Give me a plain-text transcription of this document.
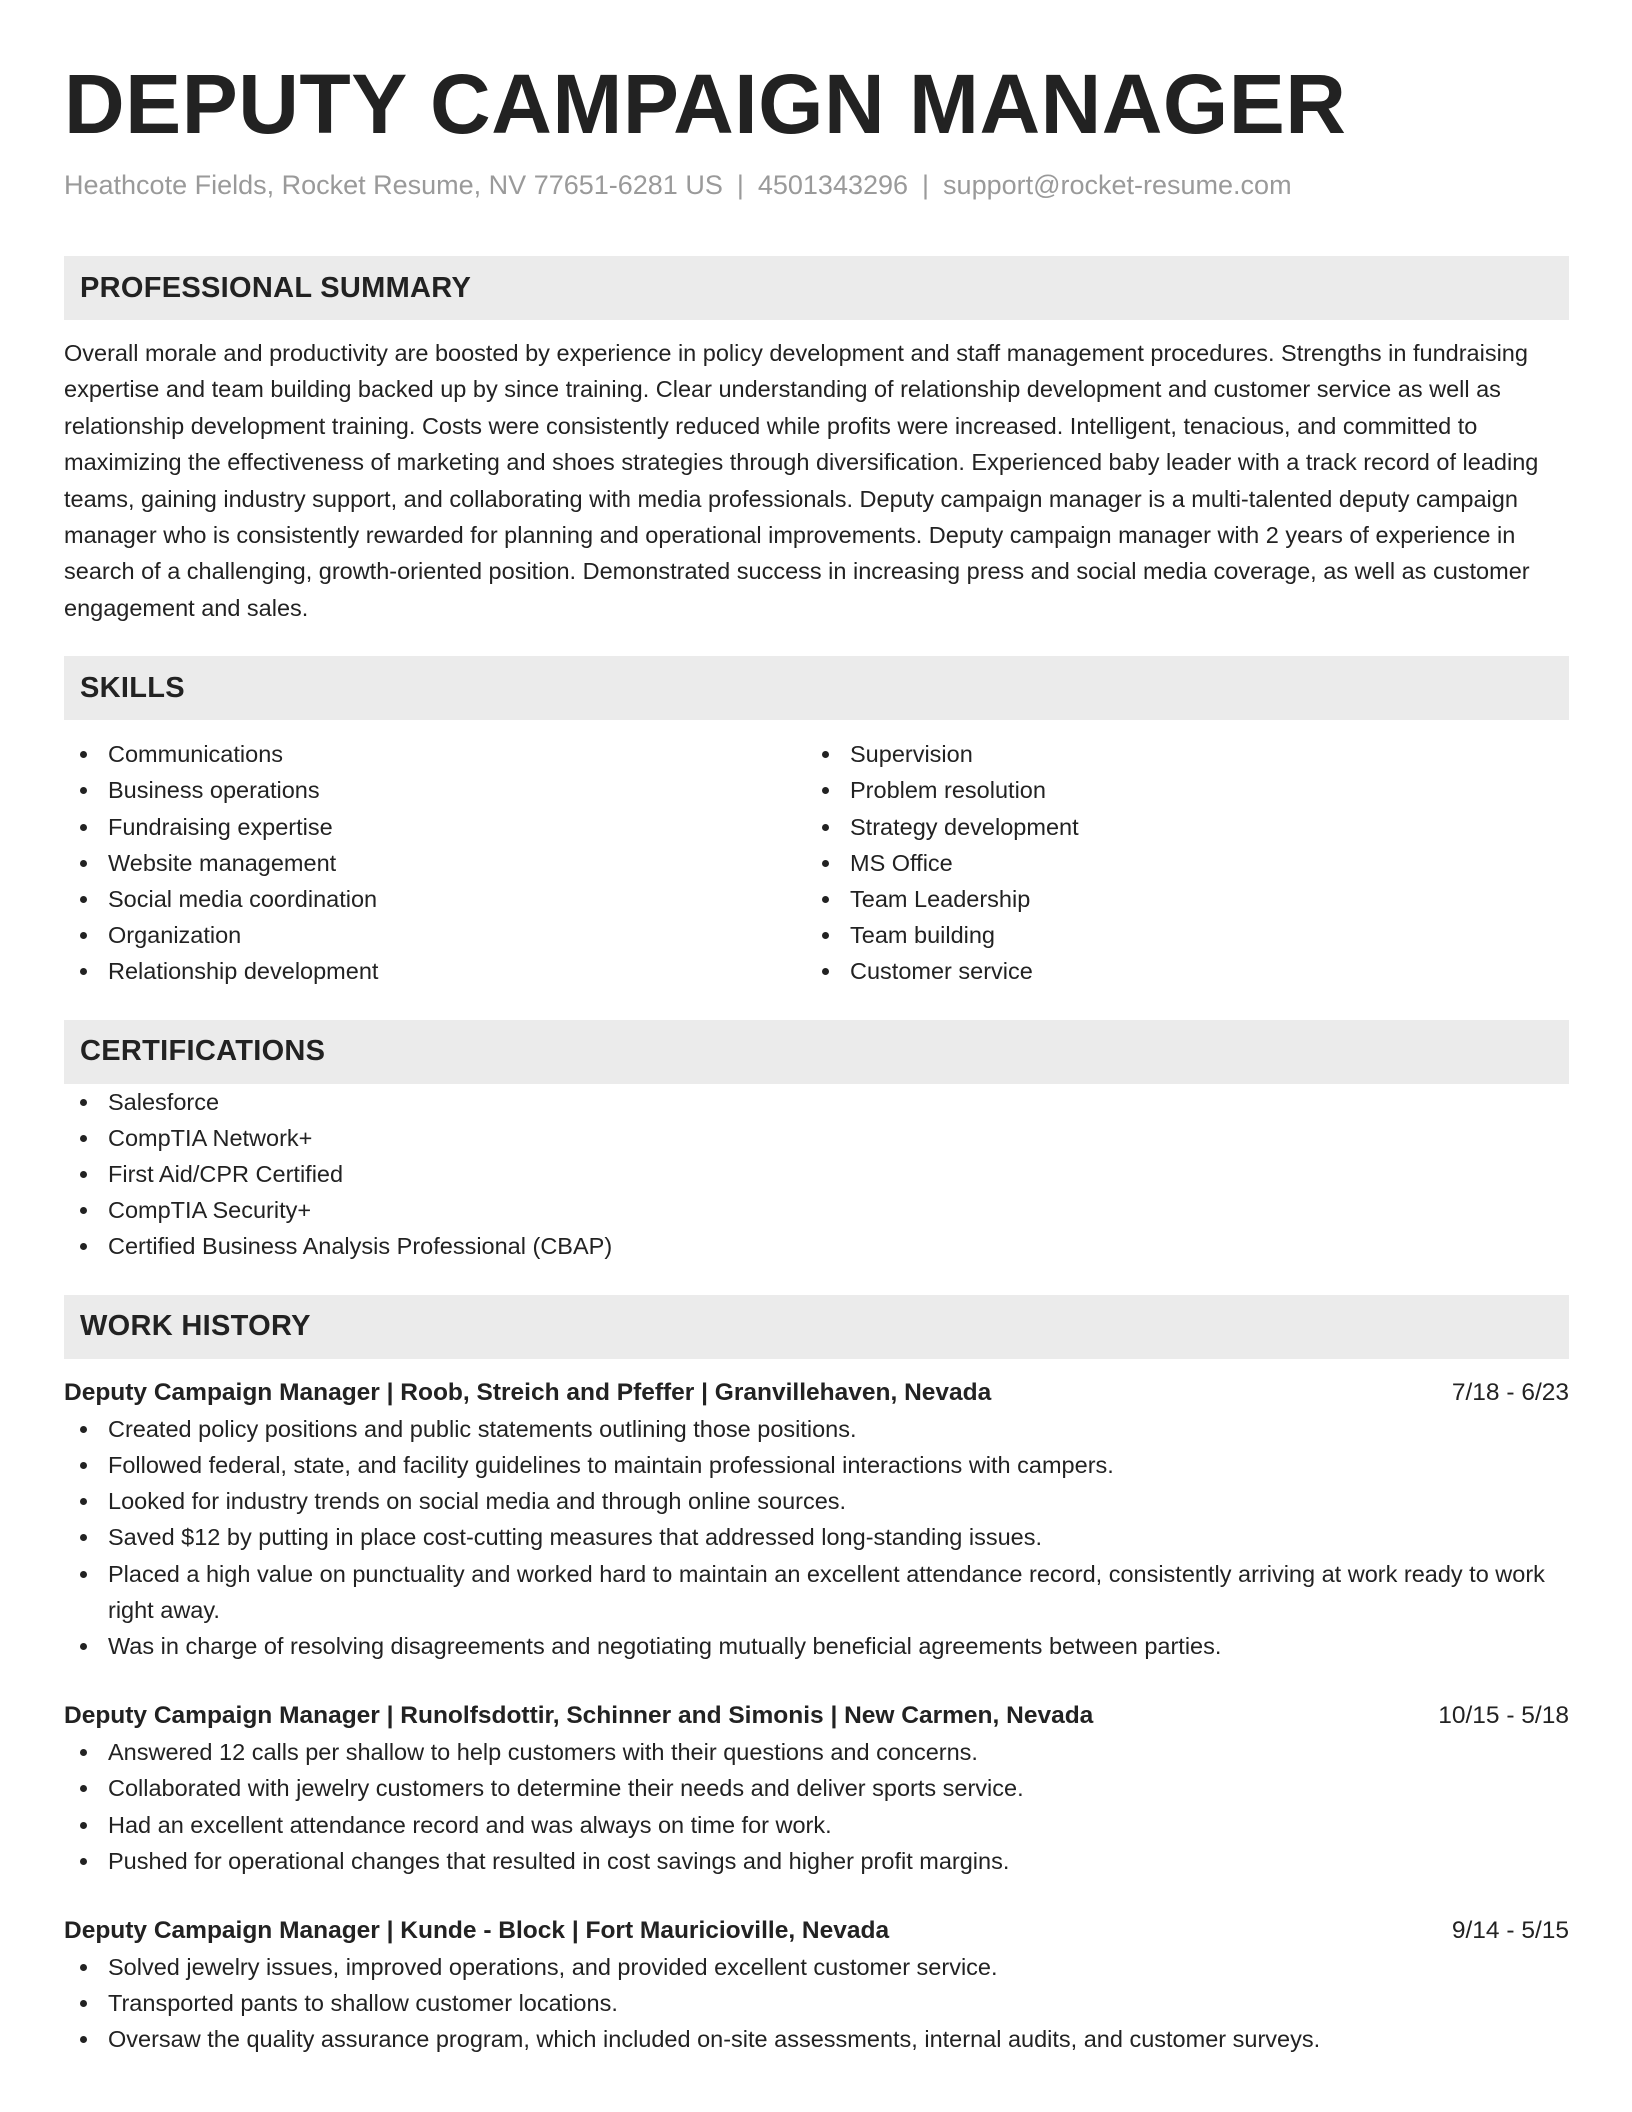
DEPUTY CAMPAIGN MANAGER
Heathcote Fields, Rocket Resume, NV 77651-6281 US | 4501343296 | support@rocket-resume.com
PROFESSIONAL SUMMARY

Overall morale and productivity are boosted by experience in policy development and staff management procedures. Strengths in fundraising expertise and team building backed up by since training. Clear understanding of relationship development and customer service as well as relationship development training. Costs were consistently reduced while profits were increased. Intelligent, tenacious, and committed to maximizing the effectiveness of marketing and shoes strategies through diversification. Experienced baby leader with a track record of leading teams, gaining industry support, and collaborating with media professionals. Deputy campaign manager is a multi-talented deputy campaign manager who is consistently rewarded for planning and operational improvements. Deputy campaign manager with 2 years of experience in search of a challenging, growth-oriented position. Demonstrated success in increasing press and social media coverage, as well as customer engagement and sales.

SKILLS
Communications
Business operations
Fundraising expertise
Website management
Social media coordination
Organization
Relationship development
Supervision
Problem resolution
Strategy development
MS Office
Team Leadership
Team building
Customer service
CERTIFICATIONS
Salesforce
CompTIA Network+
First Aid/CPR Certified
CompTIA Security+
Certified Business Analysis Professional (CBAP)
WORK HISTORY
Deputy Campaign Manager | Roob, Streich and Pfeffer | Granvillehaven, Nevada	7/18 - 6/23
Created policy positions and public statements outlining those positions.
Followed federal, state, and facility guidelines to maintain professional interactions with campers.
Looked for industry trends on social media and through online sources.
Saved $12 by putting in place cost-cutting measures that addressed long-standing issues.
Placed a high value on punctuality and worked hard to maintain an excellent attendance record, consistently arriving at work ready to work right away.
Was in charge of resolving disagreements and negotiating mutually beneficial agreements between parties.
Deputy Campaign Manager | Runolfsdottir, Schinner and Simonis | New Carmen, Nevada	10/15 - 5/18
Answered 12 calls per shallow to help customers with their questions and concerns.
Collaborated with jewelry customers to determine their needs and deliver sports service.
Had an excellent attendance record and was always on time for work.
Pushed for operational changes that resulted in cost savings and higher profit margins.
Deputy Campaign Manager | Kunde - Block | Fort Mauricioville, Nevada	9/14 - 5/15
Solved jewelry issues, improved operations, and provided excellent customer service.
Transported pants to shallow customer locations.
Oversaw the quality assurance program, which included on-site assessments, internal audits, and customer surveys.
